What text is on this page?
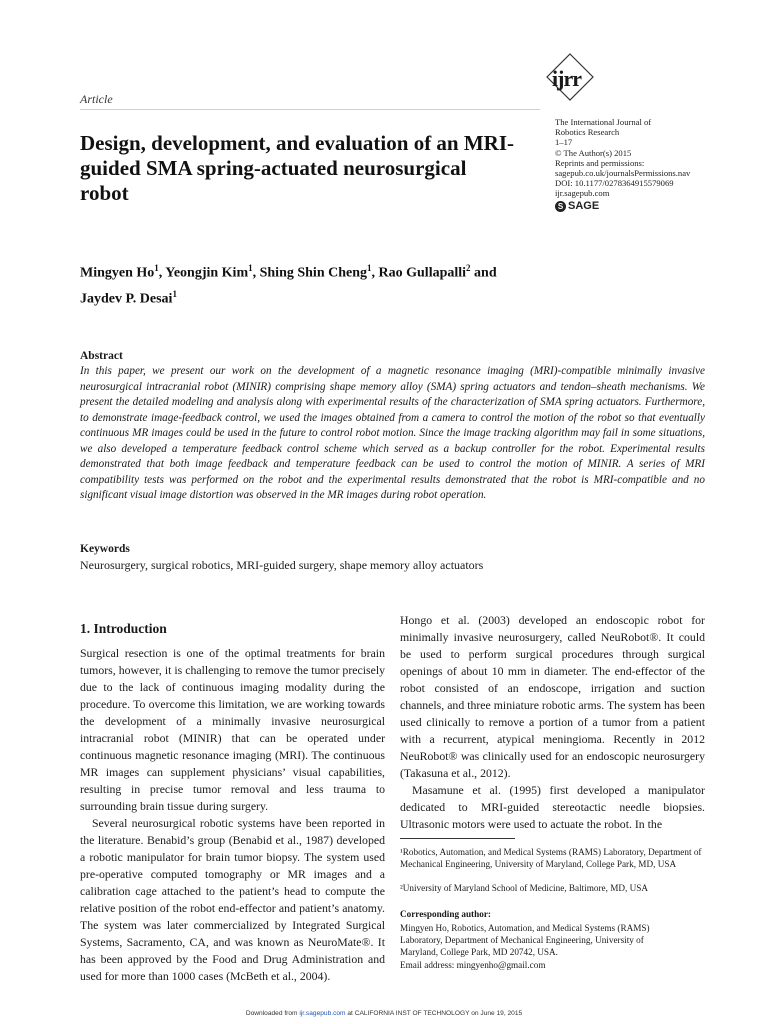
Article
ijrr
The International Journal of
Robotics Research
1–17
© The Author(s) 2015
Reprints and permissions:
sagepub.co.uk/journalsPermissions.nav
DOI: 10.1177/0278364915579069
ijr.sagepub.com
S SAGE
Design, development, and evaluation of an MRI-guided SMA spring-actuated neurosurgical robot
Mingyen Ho$^1$, Yeongjin Kim$^1$, Shing Shin Cheng$^1$, Rao Gullapalli$^2$ and
Jaydev P. Desai$^1$
Abstract
In this paper, we present our work on the development of a magnetic resonance imaging (MRI)-compatible minimally invasive neurosurgical intracranial robot (MINIR) comprising shape memory alloy (SMA) spring actuators and tendon–sheath mechanisms. We present the detailed modeling and analysis along with experimental results of the characterization of SMA spring actuators. Furthermore, to demonstrate image-feedback control, we used the images obtained from a camera to control the motion of the robot so that eventually continuous MR images could be used in the future to control robot motion. Since the image tracking algorithm may fail in some situations, we also developed a temperature feedback control scheme which served as a backup controller for the robot. Experimental results demonstrated that both image feedback and temperature feedback can be used to control the motion of MINIR. A series of MRI compatibility tests was performed on the robot and the experimental results demonstrated that the robot is MRI-compatible and no significant visual image distortion was observed in the MR images during robot operation.
Keywords
Neurosurgery, surgical robotics, MRI-guided surgery, shape memory alloy actuators
1. Introduction

Surgical resection is one of the optimal treatments for brain tumors, however, it is challenging to remove the tumor precisely due to the lack of continuous imaging modality during the procedure. To overcome this limitation, we are working towards the development of a minimally invasive neurosurgical intracranial robot (MINIR) that can be operated under continuous magnetic resonance imaging (MRI). The continuous MR images can supplement physicians’ visual capabilities, resulting in precise tumor removal and less trauma to surrounding brain tissue during surgery.

Several neurosurgical robotic systems have been reported in the literature. Benabid’s group (Benabid et al., 1987) developed a robotic manipulator for brain tumor biopsy. The system used pre-operative computed tomography or MR images and a calibration cage attached to the patient’s head to compute the relative position of the robot end-effector and patient’s anatomy. The system was later commercialized by Integrated Surgical Systems, Sacramento, CA, and was known as NeuroMate®. It has been approved by the Food and Drug Administration and used for more than 1000 cases (McBeth et al., 2004).

Hongo et al. (2003) developed an endoscopic robot for minimally invasive neurosurgery, called NeuRobot®. It could be used to perform surgical procedures through surgical openings of about 10 mm in diameter. The end-effector of the robot consisted of an endoscope, irrigation and suction channels, and three miniature robotic arms. The system has been used clinically to remove a portion of a tumor from a patient with a recurrent, atypical meningioma. Recently in 2012 NeuRobot® was clinically used for an endoscopic neurosurgery (Takasuna et al., 2012).

Masamune et al. (1995) first developed a manipulator dedicated to MRI-guided stereotactic needle biopsies. Ultrasonic motors were used to actuate the robot. In the

¹Robotics, Automation, and Medical Systems (RAMS) Laboratory, Department of Mechanical Engineering, University of Maryland, College Park, MD, USA
²University of Maryland School of Medicine, Baltimore, MD, USA
Corresponding author:
Mingyen Ho, Robotics, Automation, and Medical Systems (RAMS)
Laboratory, Department of Mechanical Engineering, University of
Maryland, College Park, MD 20742, USA.
Email address: mingyenho@gmail.com
Downloaded from ijr.sagepub.com at CALIFORNIA INST OF TECHNOLOGY on June 19, 2015
